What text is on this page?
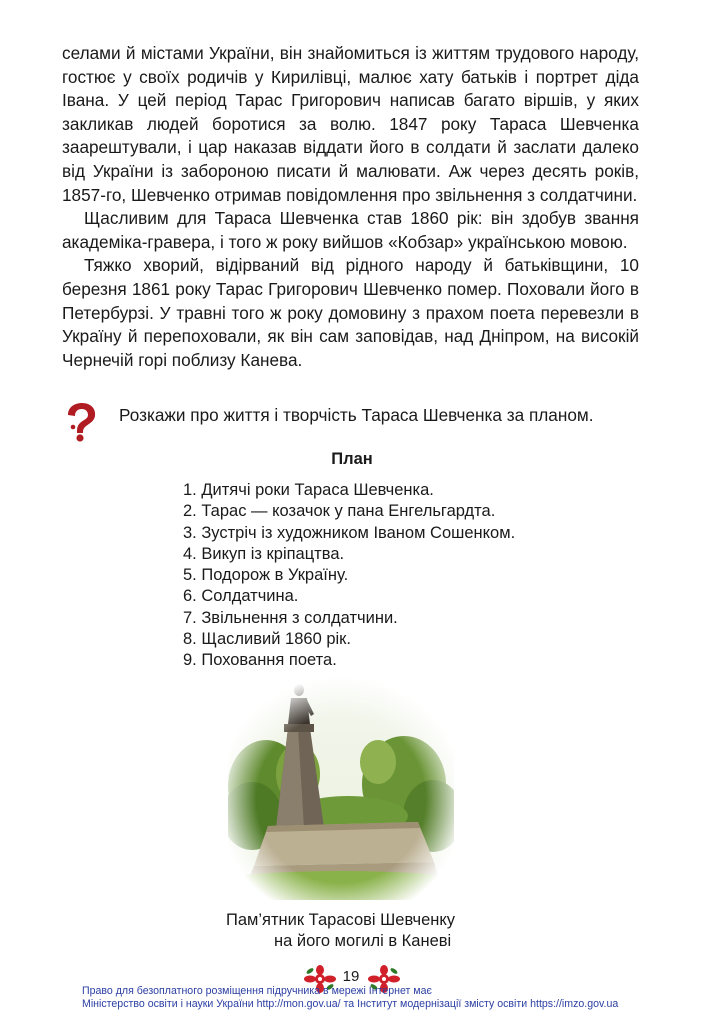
селами й містами України, він знайомиться із життям трудового народу, гостює у своїх родичів у Кирилівці, малює хату батьків і портрет діда Івана. У цей період Тарас Григорович написав багато віршів, у яких закликав людей боротися за волю. 1847 року Тараса Шевченка заарештували, і цар наказав віддати його в солдати й заслати далеко від України із забороною писати й малювати. Аж через десять років, 1857-го, Шевченко отримав повідомлення про звільнення з солдатчини.

Щасливим для Тараса Шевченка став 1860 рік: він здобув звання академіка-гравера, і того ж року вийшов «Кобзар» українською мовою.

Тяжко хворий, відірваний від рідного народу й батьківщини, 10 березня 1861 року Тарас Григорович Шевченко помер. Поховали його в Петербурзі. У травні того ж року домовину з прахом поета перевезли в Україну й перепоховали, як він сам заповідав, над Дніпром, на високій Чернечій горі поблизу Канева.

Розкажи про життя і творчість Тараса Шевченка за планом.
План
1. Дитячі роки Тараса Шевченка.
2. Тарас — козачок у пана Енгельгардта.
3. Зустріч із художником Іваном Сошенком.
4. Викуп із кріпацтва.
5. Подорож в Україну.
6. Солдатчина.
7. Звільнення з солдатчини.
8. Щасливий 1860 рік.
9. Поховання поета.
Пам’ятник Тарасові Шевченку
на його могилі в Каневі
19
Право для безоплатного розміщення підручника в мережі Інтернет має
Міністерство освіти і науки України http://mon.gov.ua/ та Інститут модернізації змісту освіти https://imzo.gov.ua
